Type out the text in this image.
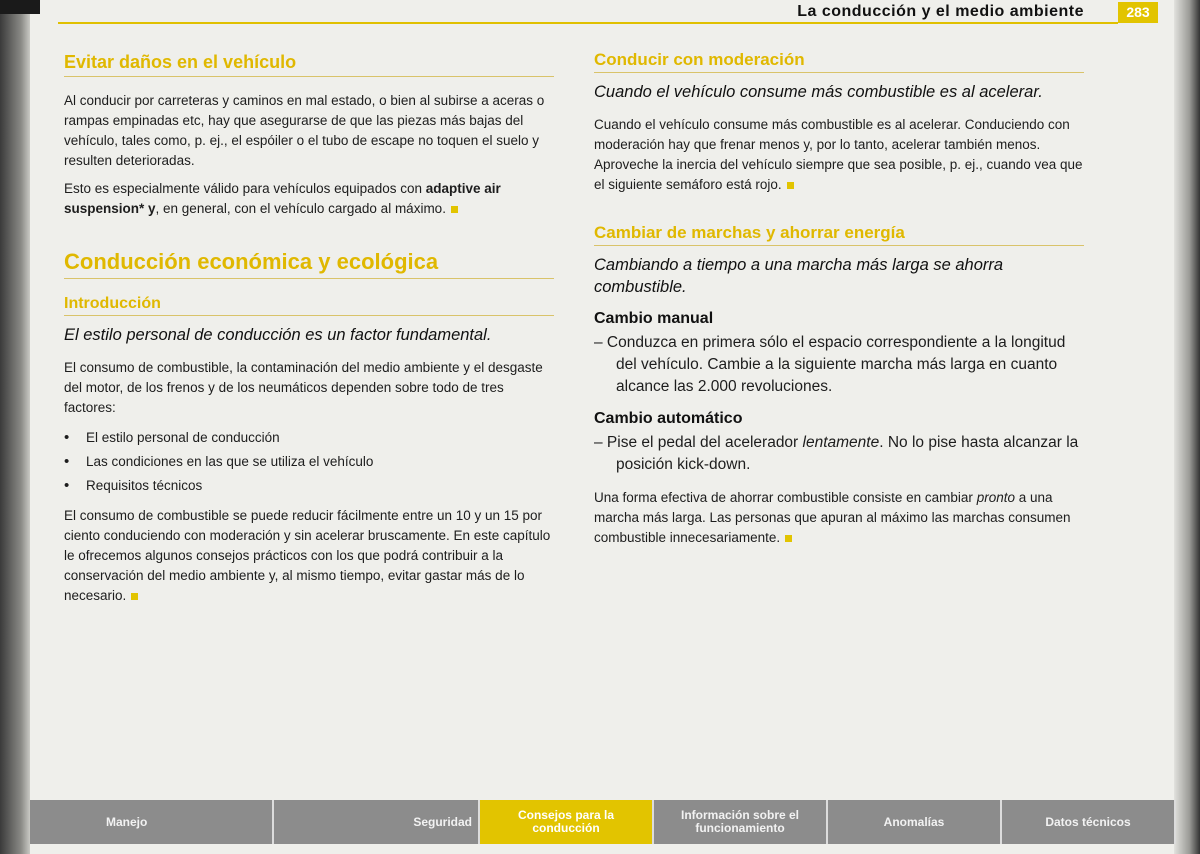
La conducción y el medio ambiente	283
Evitar daños en el vehículo

Al conducir por carreteras y caminos en mal estado, o bien al subirse a aceras o rampas empinadas etc, hay que asegurarse de que las piezas más bajas del vehículo, tales como, p. ej., el espóiler o el tubo de escape no toquen el suelo y resulten deterioradas.

Esto es especialmente válido para vehículos equipados con adaptive air suspension* y, en general, con el vehículo cargado al máximo.

Conducción económica y ecológica
Introducción
El estilo personal de conducción es un factor fundamental.

El consumo de combustible, la contaminación del medio ambiente y el desgaste del motor, de los frenos y de los neumáticos dependen sobre todo de tres factores:

• El estilo personal de conducción
• Las condiciones en las que se utiliza el vehículo
• Requisitos técnicos

El consumo de combustible se puede reducir fácilmente entre un 10 y un 15 por ciento conduciendo con moderación y sin acelerar bruscamente. En este capítulo le ofrecemos algunos consejos prácticos con los que podrá contribuir a la conservación del medio ambiente y, al mismo tiempo, evitar gastar más de lo necesario.

Conducir con moderación
Cuando el vehículo consume más combustible es al acelerar.

Cuando el vehículo consume más combustible es al acelerar. Conduciendo con moderación hay que frenar menos y, por lo tanto, acelerar también menos. Aproveche la inercia del vehículo siempre que sea posible, p. ej., cuando vea que el siguiente semáforo está rojo.

Cambiar de marchas y ahorrar energía
Cambiando a tiempo a una marcha más larga se ahorra combustible.
Cambio manual
– Conduzca en primera sólo el espacio correspondiente a la longitud del vehículo. Cambie a la siguiente marcha más larga en cuanto alcance las 2.000 revoluciones.
Cambio automático
– Pise el pedal del acelerador lentamente. No lo pise hasta alcanzar la posición kick-down.

Una forma efectiva de ahorrar combustible consiste en cambiar pronto a una marcha más larga. Las personas que apuran al máximo las marchas consumen combustible innecesariamente.

Manejo	Seguridad	Consejos para la conducción
Información sobre el funcionamiento	Anomalías	Datos técnicos
